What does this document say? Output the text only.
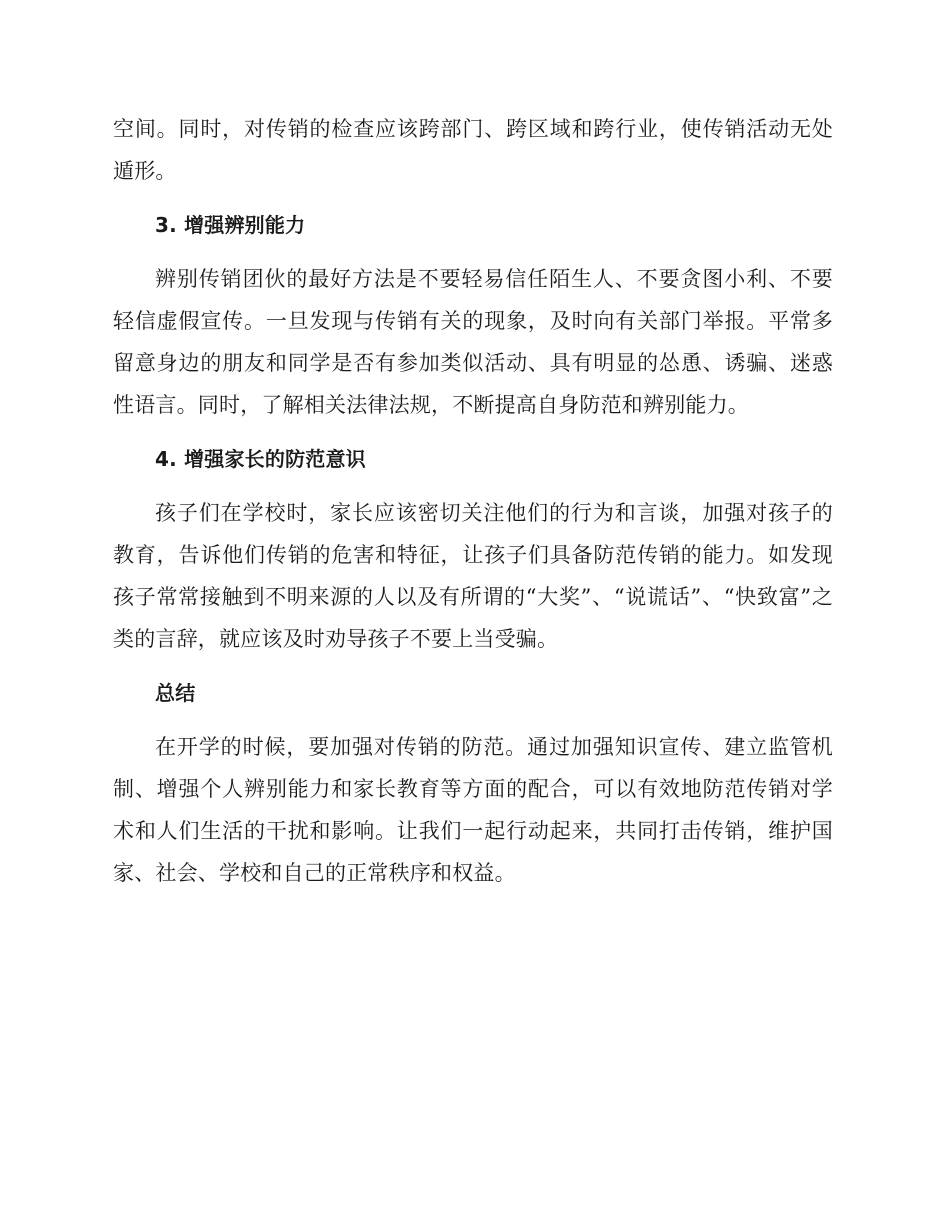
空间。同时，对传销的检查应该跨部门、跨区域和跨行业，使传销活动无处遁形。

3. 增强辨别能力

辨别传销团伙的最好方法是不要轻易信任陌生人、不要贪图小利、不要轻信虚假宣传。一旦发现与传销有关的现象，及时向有关部门举报。平常多留意身边的朋友和同学是否有参加类似活动、具有明显的怂恿、诱骗、迷惑性语言。同时，了解相关法律法规，不断提高自身防范和辨别能力。

4. 增强家长的防范意识

孩子们在学校时，家长应该密切关注他们的行为和言谈，加强对孩子的教育，告诉他们传销的危害和特征，让孩子们具备防范传销的能力。如发现孩子常常接触到不明来源的人以及有所谓的“大奖”、“说谎话”、“快致富”之类的言辞，就应该及时劝导孩子不要上当受骗。

总结

在开学的时候，要加强对传销的防范。通过加强知识宣传、建立监管机制、增强个人辨别能力和家长教育等方面的配合，可以有效地防范传销对学术和人们生活的干扰和影响。让我们一起行动起来，共同打击传销，维护国家、社会、学校和自己的正常秩序和权益。
